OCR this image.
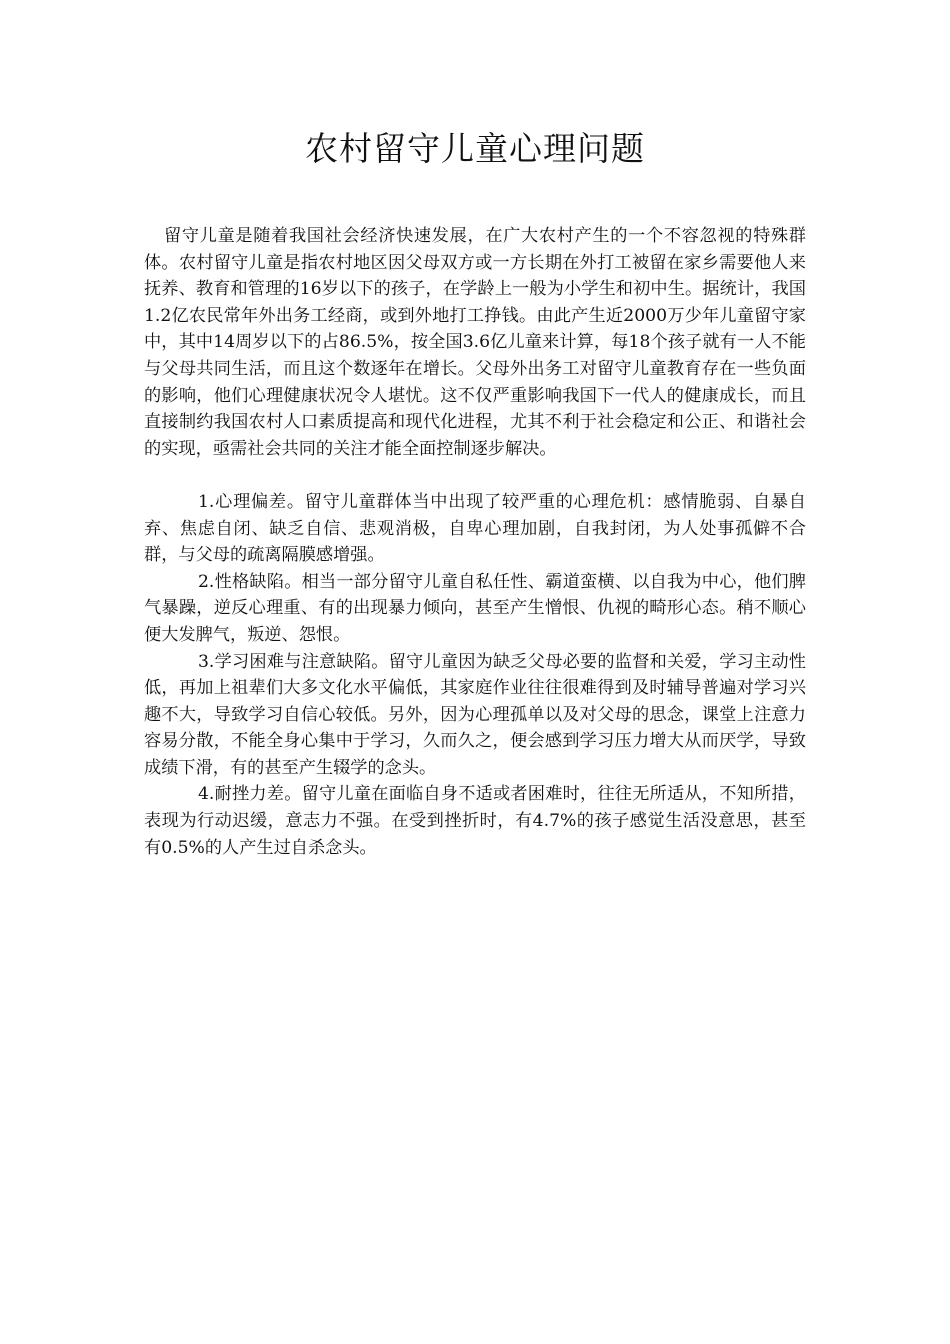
农村留守儿童心理问题

留守儿童是随着我国社会经济快速发展，在广大农村产生的一个不容忽视的特殊群体。农村留守儿童是指农村地区因父母双方或一方长期在外打工被留在家乡需要他人来抚养、教育和管理的16岁以下的孩子，在学龄上一般为小学生和初中生。据统计，我国1.2亿农民常年外出务工经商，或到外地打工挣钱。由此产生近2000万少年儿童留守家中，其中14周岁以下的占86.5%，按全国3.6亿儿童来计算，每18个孩子就有一人不能与父母共同生活，而且这个数逐年在增长。父母外出务工对留守儿童教育存在一些负面的影响，他们心理健康状况令人堪忧。这不仅严重影响我国下一代人的健康成长，而且直接制约我国农村人口素质提高和现代化进程，尤其不利于社会稳定和公正、和谐社会的实现，亟需社会共同的关注才能全面控制逐步解决。

1.心理偏差。留守儿童群体当中出现了较严重的心理危机：感情脆弱、自暴自弃、焦虑自闭、缺乏自信、悲观消极，自卑心理加剧，自我封闭，为人处事孤僻不合群，与父母的疏离隔膜感增强。

2.性格缺陷。相当一部分留守儿童自私任性、霸道蛮横、以自我为中心，他们脾气暴躁，逆反心理重、有的出现暴力倾向，甚至产生憎恨、仇视的畸形心态。稍不顺心便大发脾气，叛逆、怨恨。

3.学习困难与注意缺陷。留守儿童因为缺乏父母必要的监督和关爱，学习主动性低，再加上祖辈们大多文化水平偏低，其家庭作业往往很难得到及时辅导普遍对学习兴趣不大，导致学习自信心较低。另外，因为心理孤单以及对父母的思念，课堂上注意力容易分散，不能全身心集中于学习，久而久之，便会感到学习压力增大从而厌学，导致成绩下滑，有的甚至产生辍学的念头。

4.耐挫力差。留守儿童在面临自身不适或者困难时，往往无所适从，不知所措，表现为行动迟缓，意志力不强。在受到挫折时，有4.7%的孩子感觉生活没意思，甚至有0.5%的人产生过自杀念头。
